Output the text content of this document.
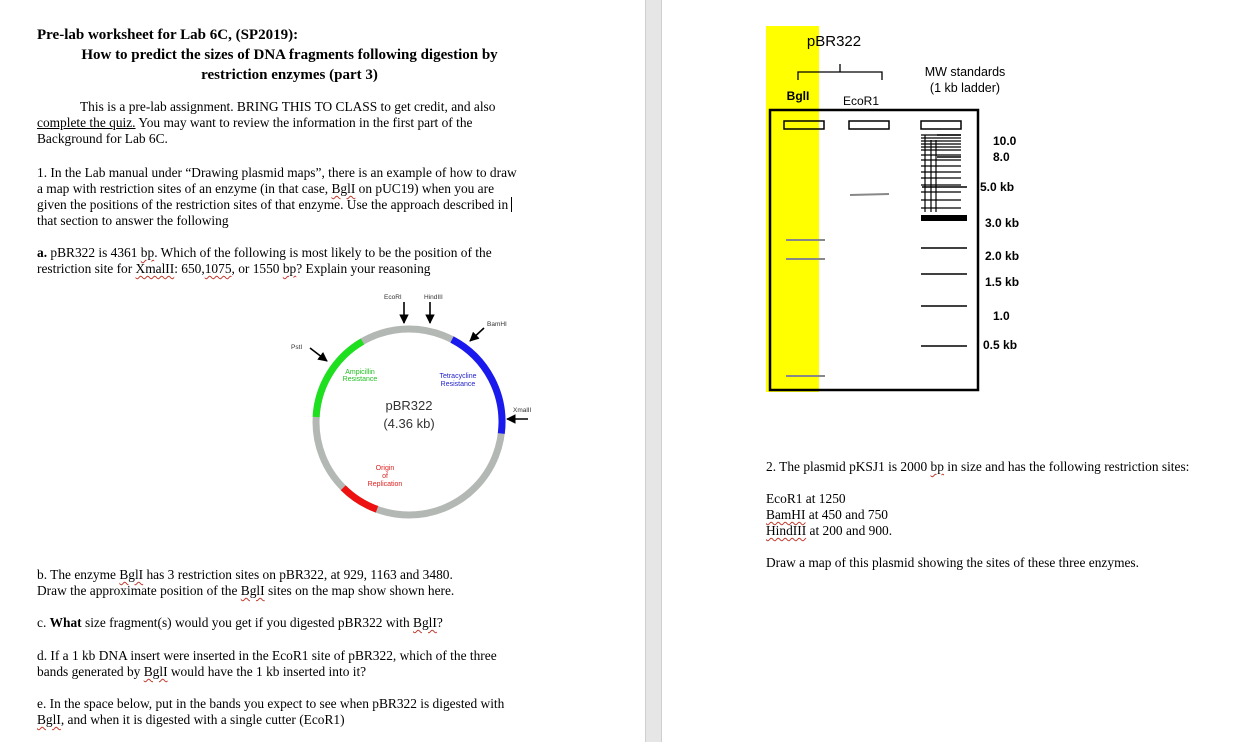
Pre-lab worksheet for Lab 6C, (SP2019):
How to predict the sizes of DNA fragments following digestion by
restriction enzymes (part 3)
This is a pre-lab assignment. BRING THIS TO CLASS to get credit, and also
complete the quiz. You may want to review the information in the first part of the
Background for Lab 6C.
1. In the Lab manual under “Drawing plasmid maps”, there is an example of how to draw
a map with restriction sites of an enzyme (in that case, BglI on pUC19) when you are
given the positions of the restriction sites of that enzyme. Use the approach described in
that section to answer the following
a. pBR322 is 4361 bp. Which of the following is most likely to be the position of the
restriction site for XmalII: 650,1075, or 1550 bp? Explain your reasoning
EcoRI	HindIII
BamHI
PstI
XmalII
Ampicillin
Resistance	Tetracycline
Resistance
Origin
of
Replication
pBR322
(4.36 kb)
b. The enzyme BglI has 3 restriction sites on pBR322, at 929, 1163 and 3480.
Draw the approximate position of the BglI sites on the map show shown here.
c. What size fragment(s) would you get if you digested pBR322 with BglI?
d. If a 1 kb DNA insert were inserted in the EcoR1 site of pBR322, which of the three
bands generated by BglI would have the 1 kb inserted into it?
e. In the space below, put in the bands you expect to see when pBR322 is digested with
BglI, and when it is digested with a single cutter (EcoR1)
pBR322
BglI	EcoR1
MW standards
(1 kb ladder)
10.0
8.0
5.0 kb
3.0 kb
2.0 kb
1.5 kb
1.0
0.5 kb
2. The plasmid pKSJ1 is 2000 bp in size and has the following restriction sites:
EcoR1 at 1250
BamHI at 450 and 750
HindIII at 200 and 900.
Draw a map of this plasmid showing the sites of these three enzymes.
